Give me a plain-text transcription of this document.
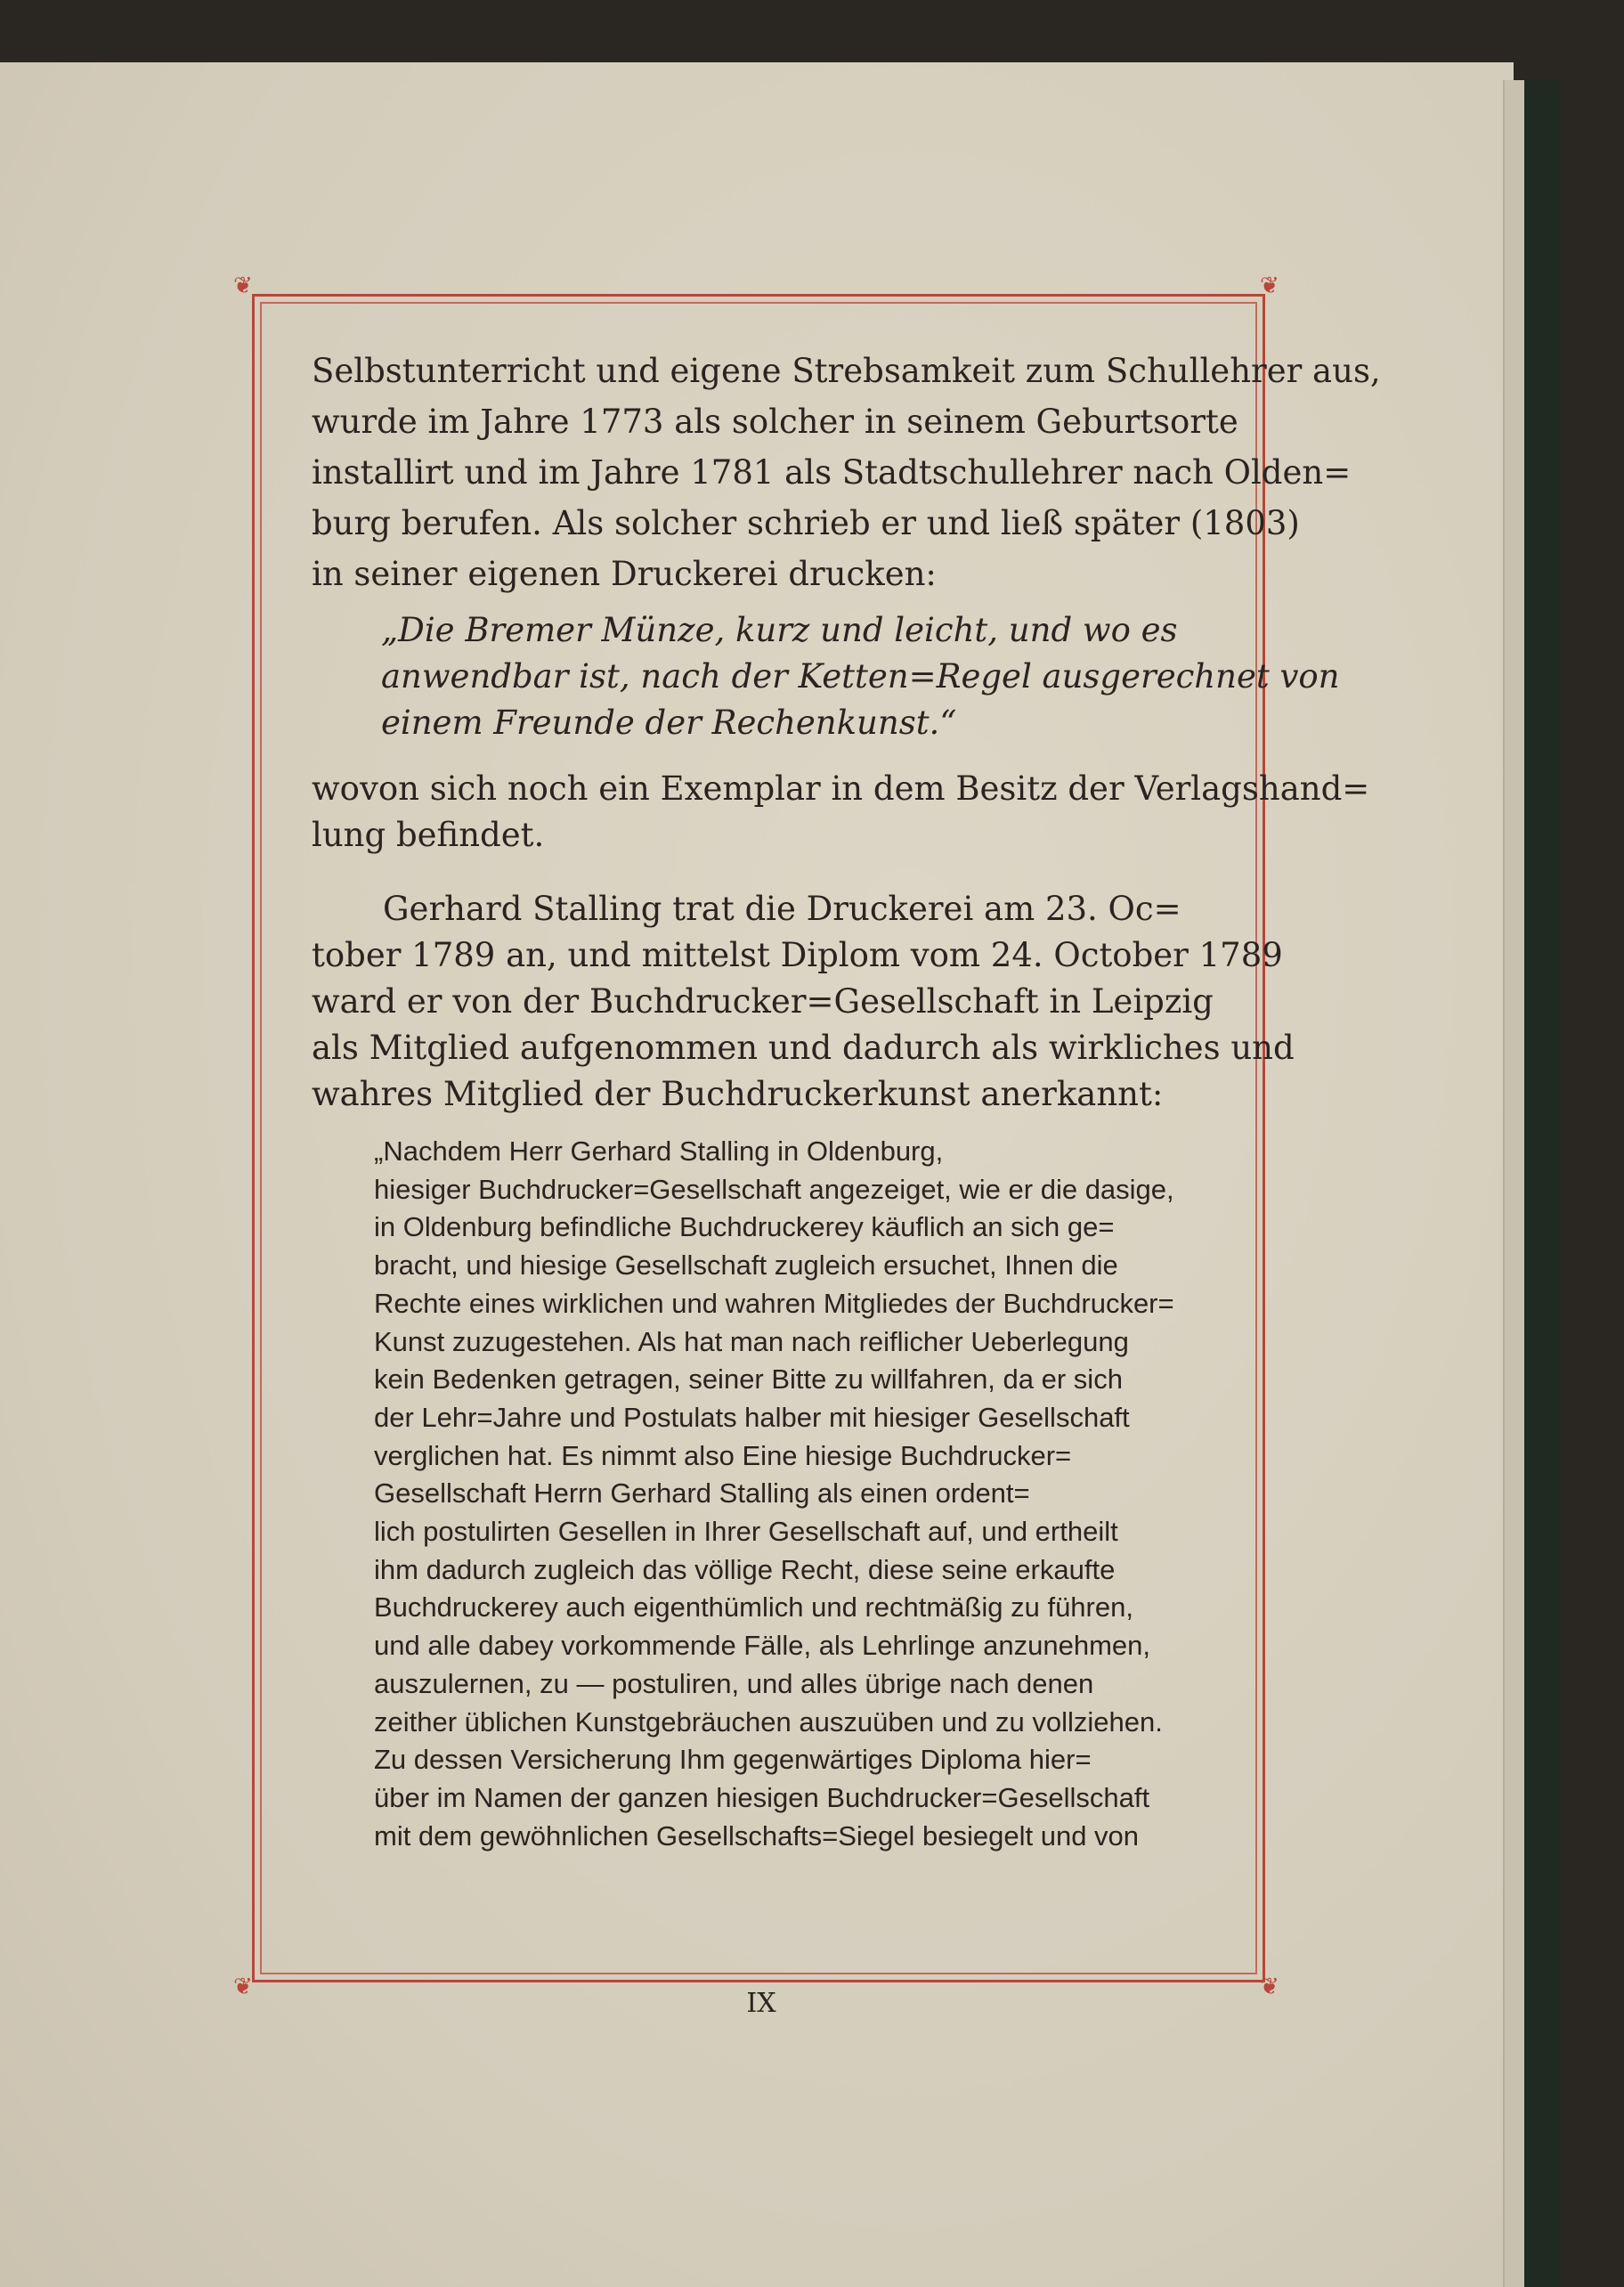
❦	❦
❦	❦

Selbstunterricht und eigene Strebsamkeit zum Schullehrer aus,

wurde im Jahre 1773 als solcher in seinem Geburtsorte

installirt und im Jahre 1781 als Stadtschullehrer nach Olden=

burg berufen. Als solcher schrieb er und ließ später (1803)

in seiner eigenen Druckerei drucken:

„Die Bremer Münze, kurz und leicht, und wo es

anwendbar ist, nach der Ketten=Regel ausgerechnet von

einem Freunde der Rechenkunst.“

wovon sich noch ein Exemplar in dem Besitz der Verlagshand=

lung befindet.

Gerhard Stalling trat die Druckerei am 23. Oc=

tober 1789 an, und mittelst Diplom vom 24. October 1789

ward er von der Buchdrucker=Gesellschaft in Leipzig

als Mitglied aufgenommen und dadurch als wirkliches und

wahres Mitglied der Buchdruckerkunst anerkannt:

„Nachdem Herr Gerhard Stalling in Oldenburg,

hiesiger Buchdrucker=Gesellschaft angezeiget, wie er die dasige,

in Oldenburg befindliche Buchdruckerey käuflich an sich ge=

bracht, und hiesige Gesellschaft zugleich ersuchet, Ihnen die

Rechte eines wirklichen und wahren Mitgliedes der Buchdrucker=

Kunst zuzugestehen. Als hat man nach reiflicher Ueberlegung

kein Bedenken getragen, seiner Bitte zu willfahren, da er sich

der Lehr=Jahre und Postulats halber mit hiesiger Gesellschaft

verglichen hat. Es nimmt also Eine hiesige Buchdrucker=

Gesellschaft Herrn Gerhard Stalling als einen ordent=

lich postulirten Gesellen in Ihrer Gesellschaft auf, und ertheilt

ihm dadurch zugleich das völlige Recht, diese seine erkaufte

Buchdruckerey auch eigenthümlich und rechtmäßig zu führen,

und alle dabey vorkommende Fälle, als Lehrlinge anzunehmen,

auszulernen, zu — postuliren, und alles übrige nach denen

zeither üblichen Kunstgebräuchen auszuüben und zu vollziehen.

Zu dessen Versicherung Ihm gegenwärtiges Diploma hier=

über im Namen der ganzen hiesigen Buchdrucker=Gesellschaft

mit dem gewöhnlichen Gesellschafts=Siegel besiegelt und von

IX
